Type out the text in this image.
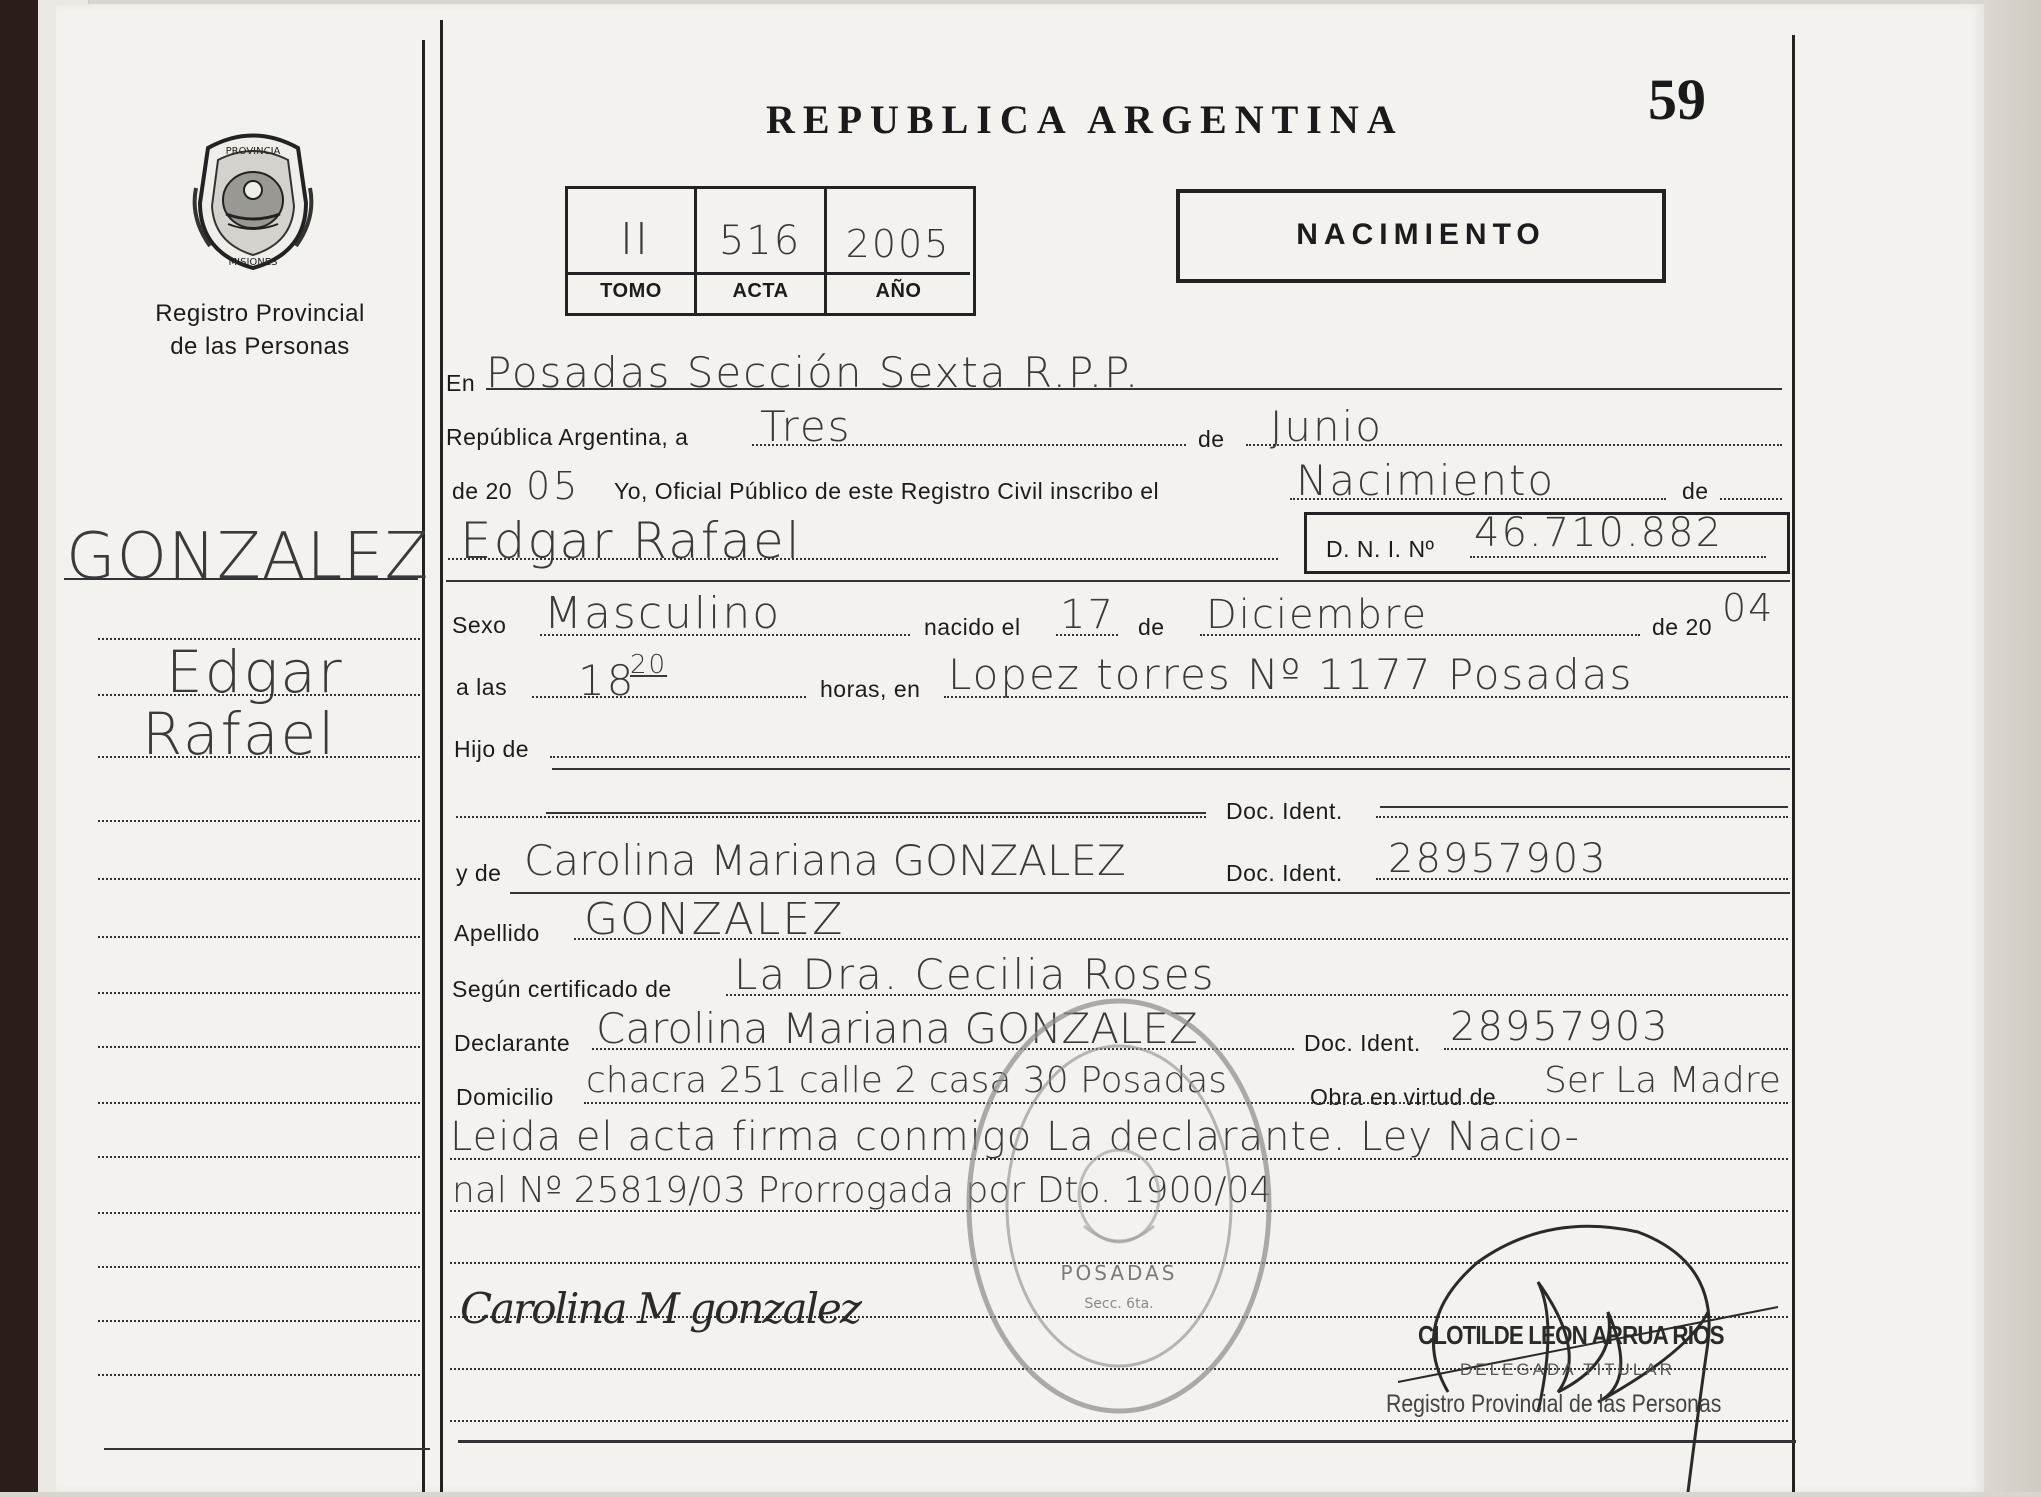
PROVINCIA
MISIONES
Registro Provincial
de las Personas
REPUBLICA ARGENTINA	59
II	516	2005
TOMO	ACTA	AÑO
NACIMIENTO
GONZALEZ
Edgar
Rafael
En Posadas Sección Sexta R.P.P.
República Argentina, a Tres	de Junio
de 20 05 Yo, Oficial Público de este Registro Civil inscribo el	Nacimiento	de
Edgar Rafael	D. N. I. Nº 46.710.882
Sexo Masculino	nacido el 17 de Diciembre	de 20 04
a las 18
20
horas, en Lopez torres Nº 1177 Posadas
Hijo de
Doc. Ident.
y de Carolina Mariana GONZALEZ	Doc. Ident. 28957903
Apellido GONZALEZ
Según certificado de La Dra. Cecilia Roses
Declarante Carolina Mariana GONZALEZ	Doc. Ident. 28957903
Domicilio chacra 251 calle 2 casa 30 Posadas	Obra en virtud de Ser La Madre
Leida el acta firma conmigo La declarante. Ley Nacio-
nal Nº 25819/03 Prorrogada por Dto. 1900/04
POSADAS
Secc. 6ta.
Carolina M gonzalez
CLOTILDE LEON ARRUA RIOS
DELEGADA TITULAR
Registro Provincial de las Personas
